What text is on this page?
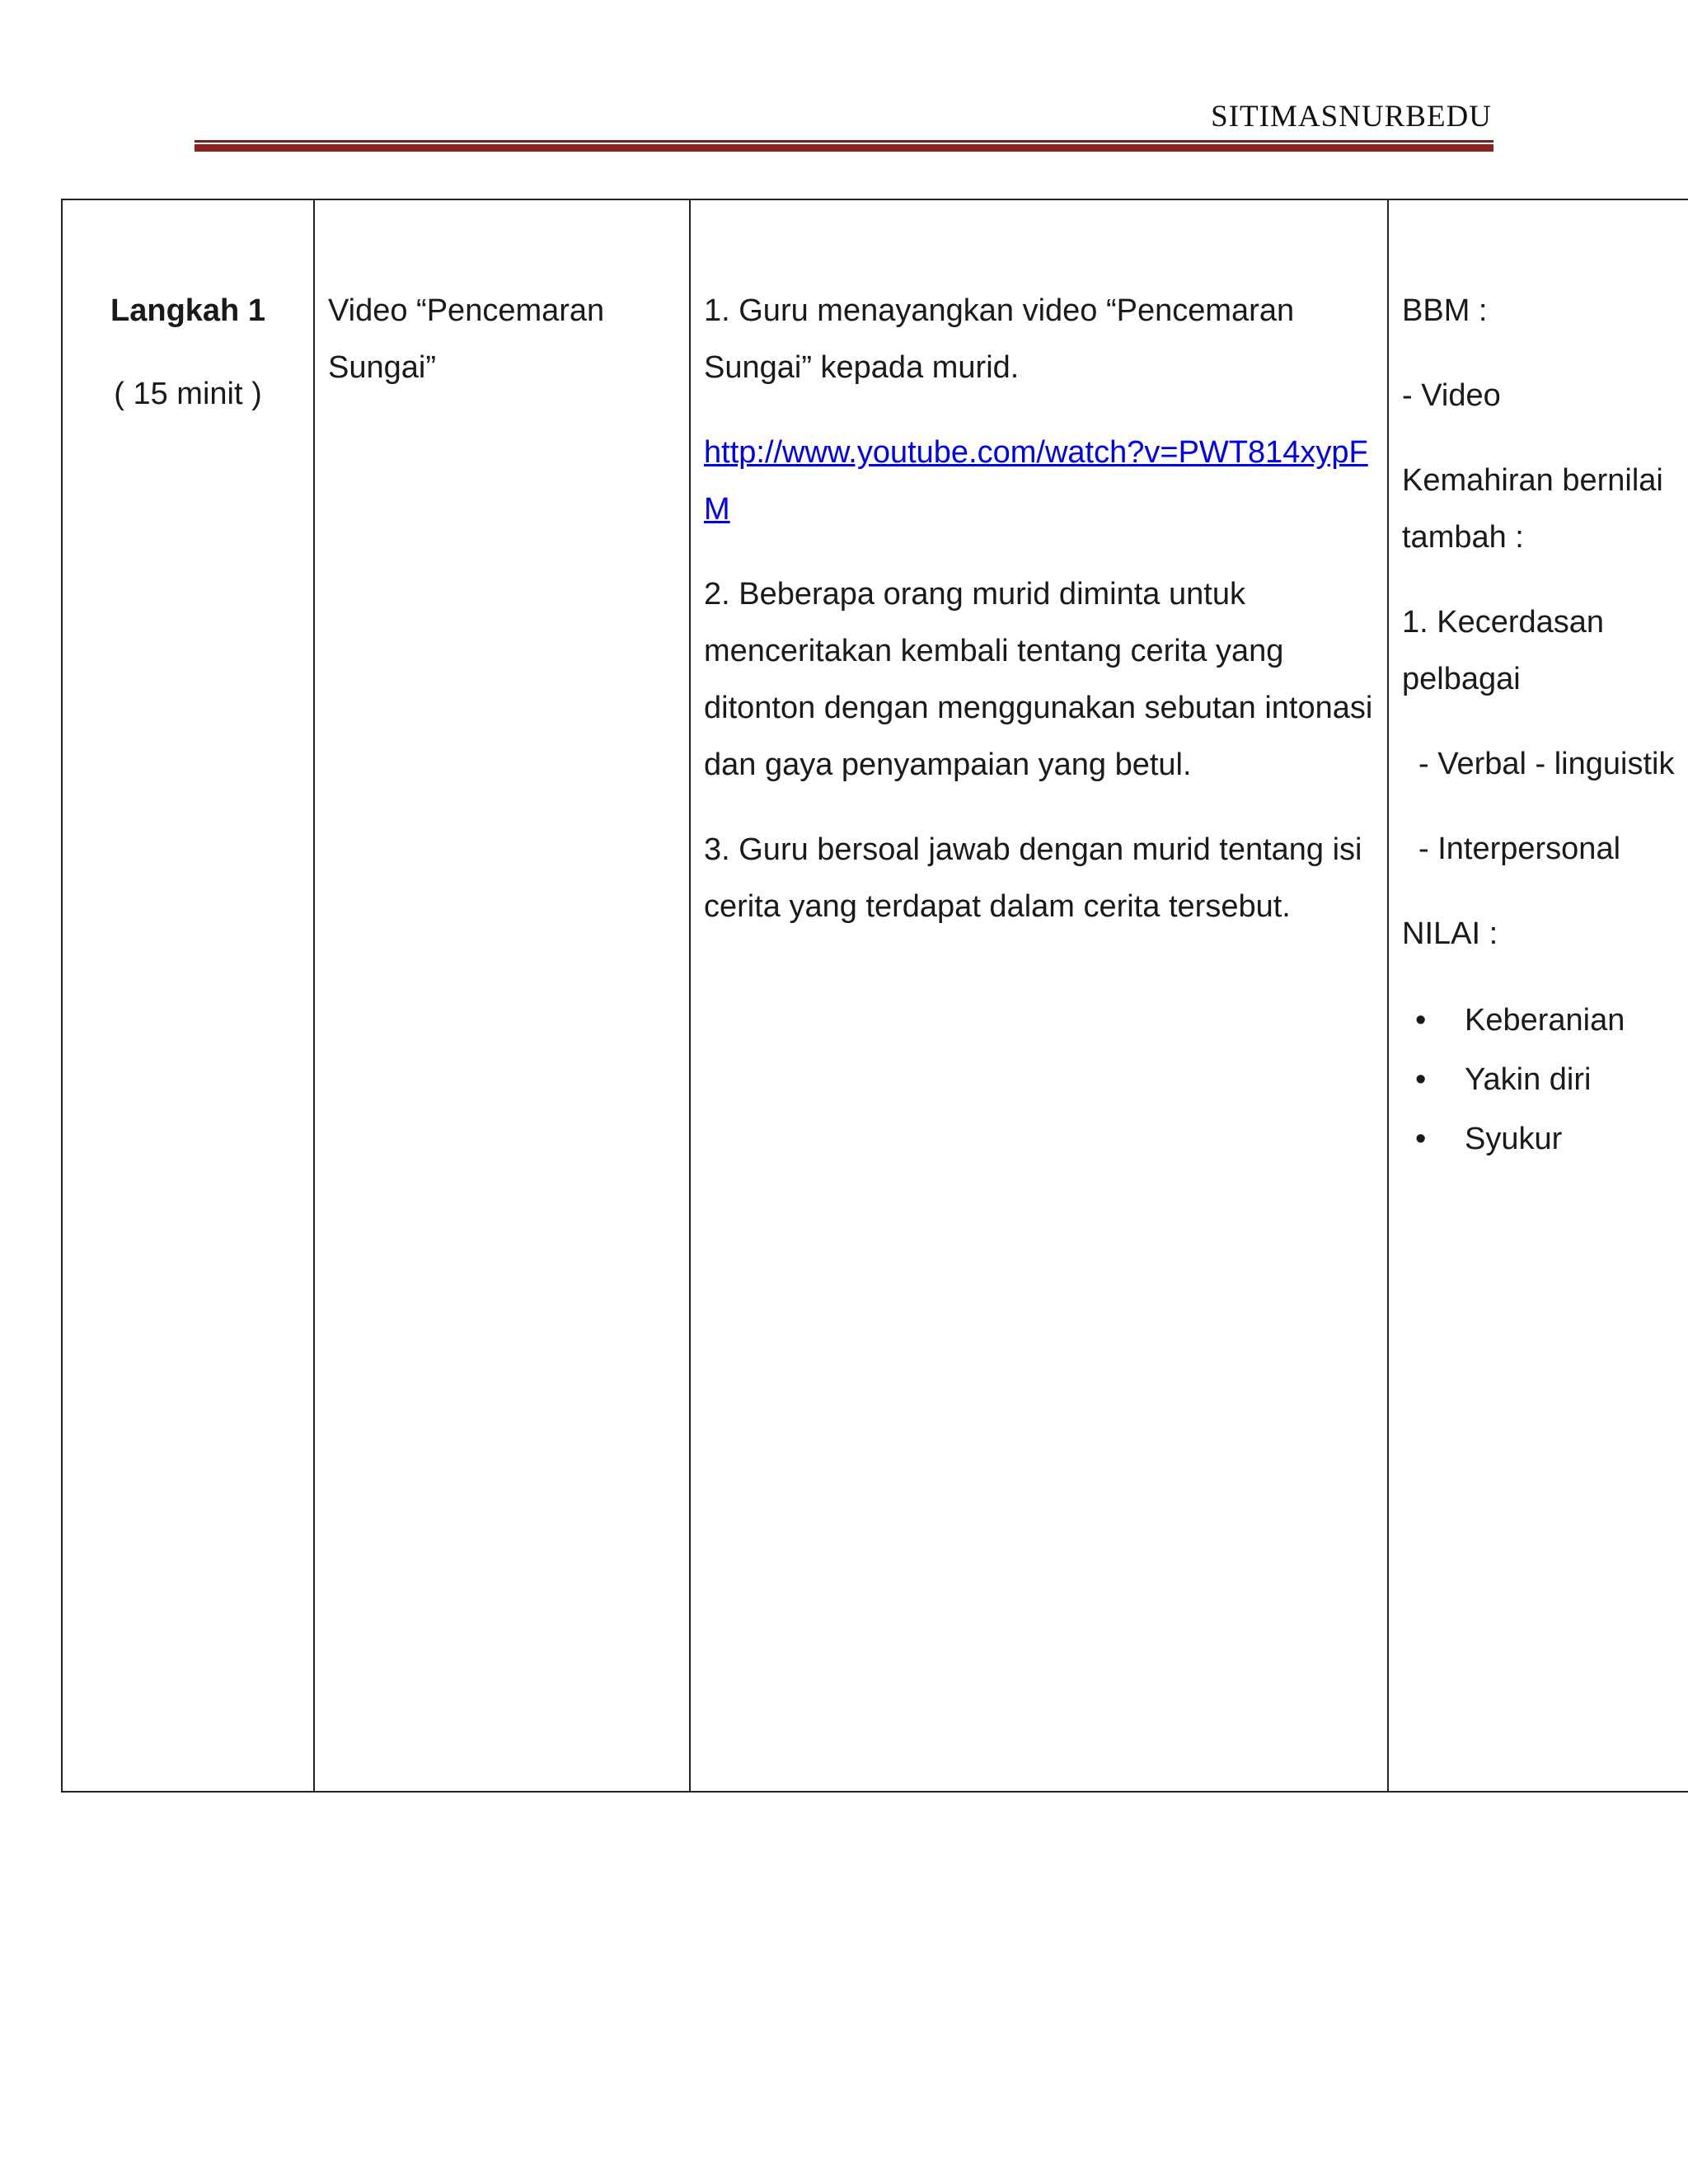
SITIMASNURBEDU
Langkah 1
( 15 minit )

Video “Pencemaran Sungai”

1. Guru menayangkan video “Pencemaran Sungai” kepada murid.
http://www.youtube.com/watch?v=PWT814xypFM
2. Beberapa orang murid diminta untuk menceritakan kembali tentang cerita yang ditonton dengan menggunakan sebutan intonasi dan gaya penyampaian yang betul.
3. Guru bersoal jawab dengan murid tentang isi cerita yang terdapat dalam cerita tersebut.

BBM :
- Video
Kemahiran bernilai tambah :
1. Kecerdasan pelbagai
- Verbal - linguistik
- Interpersonal
NILAI :
• Keberanian
• Yakin diri
• Syukur
